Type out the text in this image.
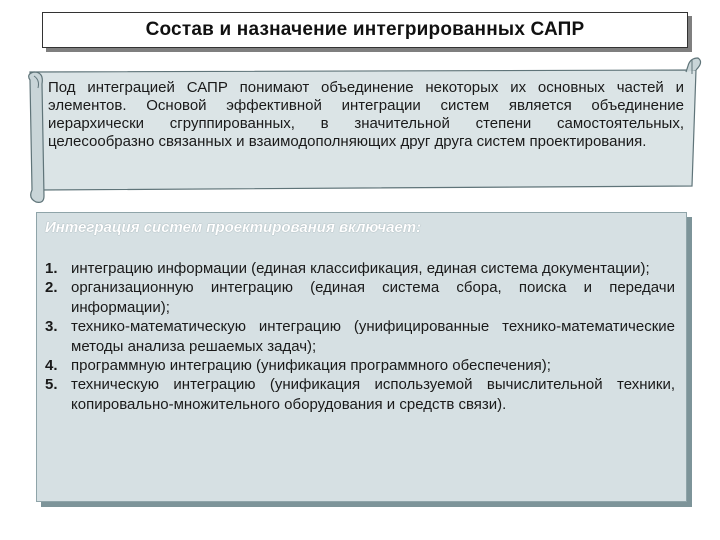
Состав и назначение интегрированных САПР
Под интеграцией САПР понимают объединение некоторых их основных частей и элементов. Основой эффективной интеграции систем является объединение иерархически сгруппированных, в значительной степени самостоятельных, целесообразно связанных и взаимодополняющих друг друга систем проектирования.
Интеграция систем проектирования включает:
1. интеграцию информации (единая классификация, единая система документации);
2. организационную интеграцию (единая система сбора, поиска и передачи информации);
3. технико-математическую интеграцию (унифицированные технико-математические методы анализа решаемых задач);
4. программную интеграцию (унификация программного обеспечения);
5. техническую интеграцию (унификация используемой вычислительной техники, копировально-множительного оборудования и средств связи).
